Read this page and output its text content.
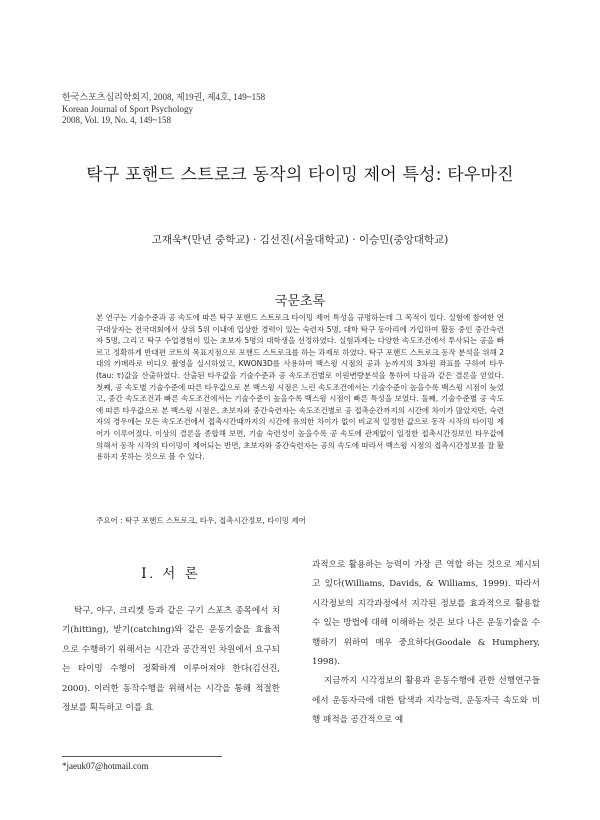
한국스포츠심리학회지, 2008, 제19권, 제4호, 149~158
Korean Journal of Sport Psychology
2008, Vol. 19, No. 4, 149~158
탁구 포핸드 스트로크 동작의 타이밍 제어 특성: 타우마진
고재욱*(만년 중학교) · 김선진(서울대학교) · 이승민(중앙대학교)
국문초록
본 연구는 기술수준과 공 속도에 따른 탁구 포핸드 스트로크 타이밍 제어 특성을 규명하는데 그 목적이 있다. 실험에 참여한 연구대상자는 전국대회에서 상위 5위 이내에 입상한 경력이 있는 숙련자 5명, 대학 탁구 동아리에 가입하여 활동 중인 중간숙련자 5명, 그리고 탁구 수업경험이 있는 초보자 5명의 대학생을 선정하였다. 실험과제는 다양한 속도조건에서 투사되는 공을 빠르고 정확하게 반대편 코트의 목표지점으로 포핸드 스트로크를 하는 과제로 하였다. 탁구 포핸드 스트로크 동작 분석을 위해 2대의 카메라로 비디오 촬영을 실시하였고, KWON3D를 사용하여 백스윙 시점의 공과 눈까지의 3차원 좌표를 구하여 타우(tau: τ)값을 산출하였다. 산출된 타우값을 기술수준과 공 속도조건별로 이원변량분석을 통하여 다음과 같은 결론을 얻었다. 첫째, 공 속도별 기술수준에 따른 타우값으로 본 백스윙 시점은 느린 속도조건에서는 기술수준이 높을수록 백스윙 시점이 늦었고, 중간 속도조건과 빠른 속도조건에서는 기술수준이 높을수록 백스윙 시점이 빠른 특성을 보였다. 둘째, 기술수준별 공 속도에 따른 타우값으로 본 백스윙 시점은, 초보자와 중간숙련자는 속도조건별로 공 접촉순간까지의 시간에 차이가 많았지만, 숙련자의 경우에는 모든 속도조건에서 접촉시간때까지의 시간에 유의한 차이가 없이 비교적 일정한 값으로 동작 시작의 타이밍 제어가 이루어졌다. 이상의 결론을 종합해 보면, 기술 숙련성이 높을수록 공 속도에 관계없이 일정한 접촉시간정보인 타우값에 의해서 동작 시작의 타이밍이 제어되는 반면, 초보자와 중간숙련자는 공의 속도에 따라서 백스윙 시점의 접촉시간정보를 잘 활용하지 못하는 것으로 볼 수 있다.
주요어 : 탁구 포핸드 스트로크, 타우, 접촉시간정보, 타이밍 제어
Ⅰ. 서 론

탁구, 야구, 크리켓 등과 같은 구기 스포츠 종목에서 치기(hitting), 받기(catching)와 같은 운동기술을 효율적으로 수행하기 위해서는 시간과 공간적인 차원에서 요구되는 타이밍 수행이 정확하게 이루어져야 한다(김선진, 2000). 이러한 동작수행을 위해서는 시각을 통해 적절한 정보를 획득하고 이를 효

과적으로 활용하는 능력이 가장 큰 역할 하는 것으로 제시되고 있다(Williams, Davids, & Williams, 1999). 따라서 시각정보의 지각과정에서 지각된 정보를 효과적으로 활용할 수 있는 방법에 대해 이해하는 것은 보다 나은 운동기술을 수행하기 위하여 매우 중요하다(Goodale & Humphery, 1998).

지금까지 시각정보의 활용과 운동수행에 관한 선행연구들에서 운동자극에 대한 탐색과 지각능력, 운동자극 속도와 비행 패적을 공간적으로 예

*jaeuk07@hotmail.com
